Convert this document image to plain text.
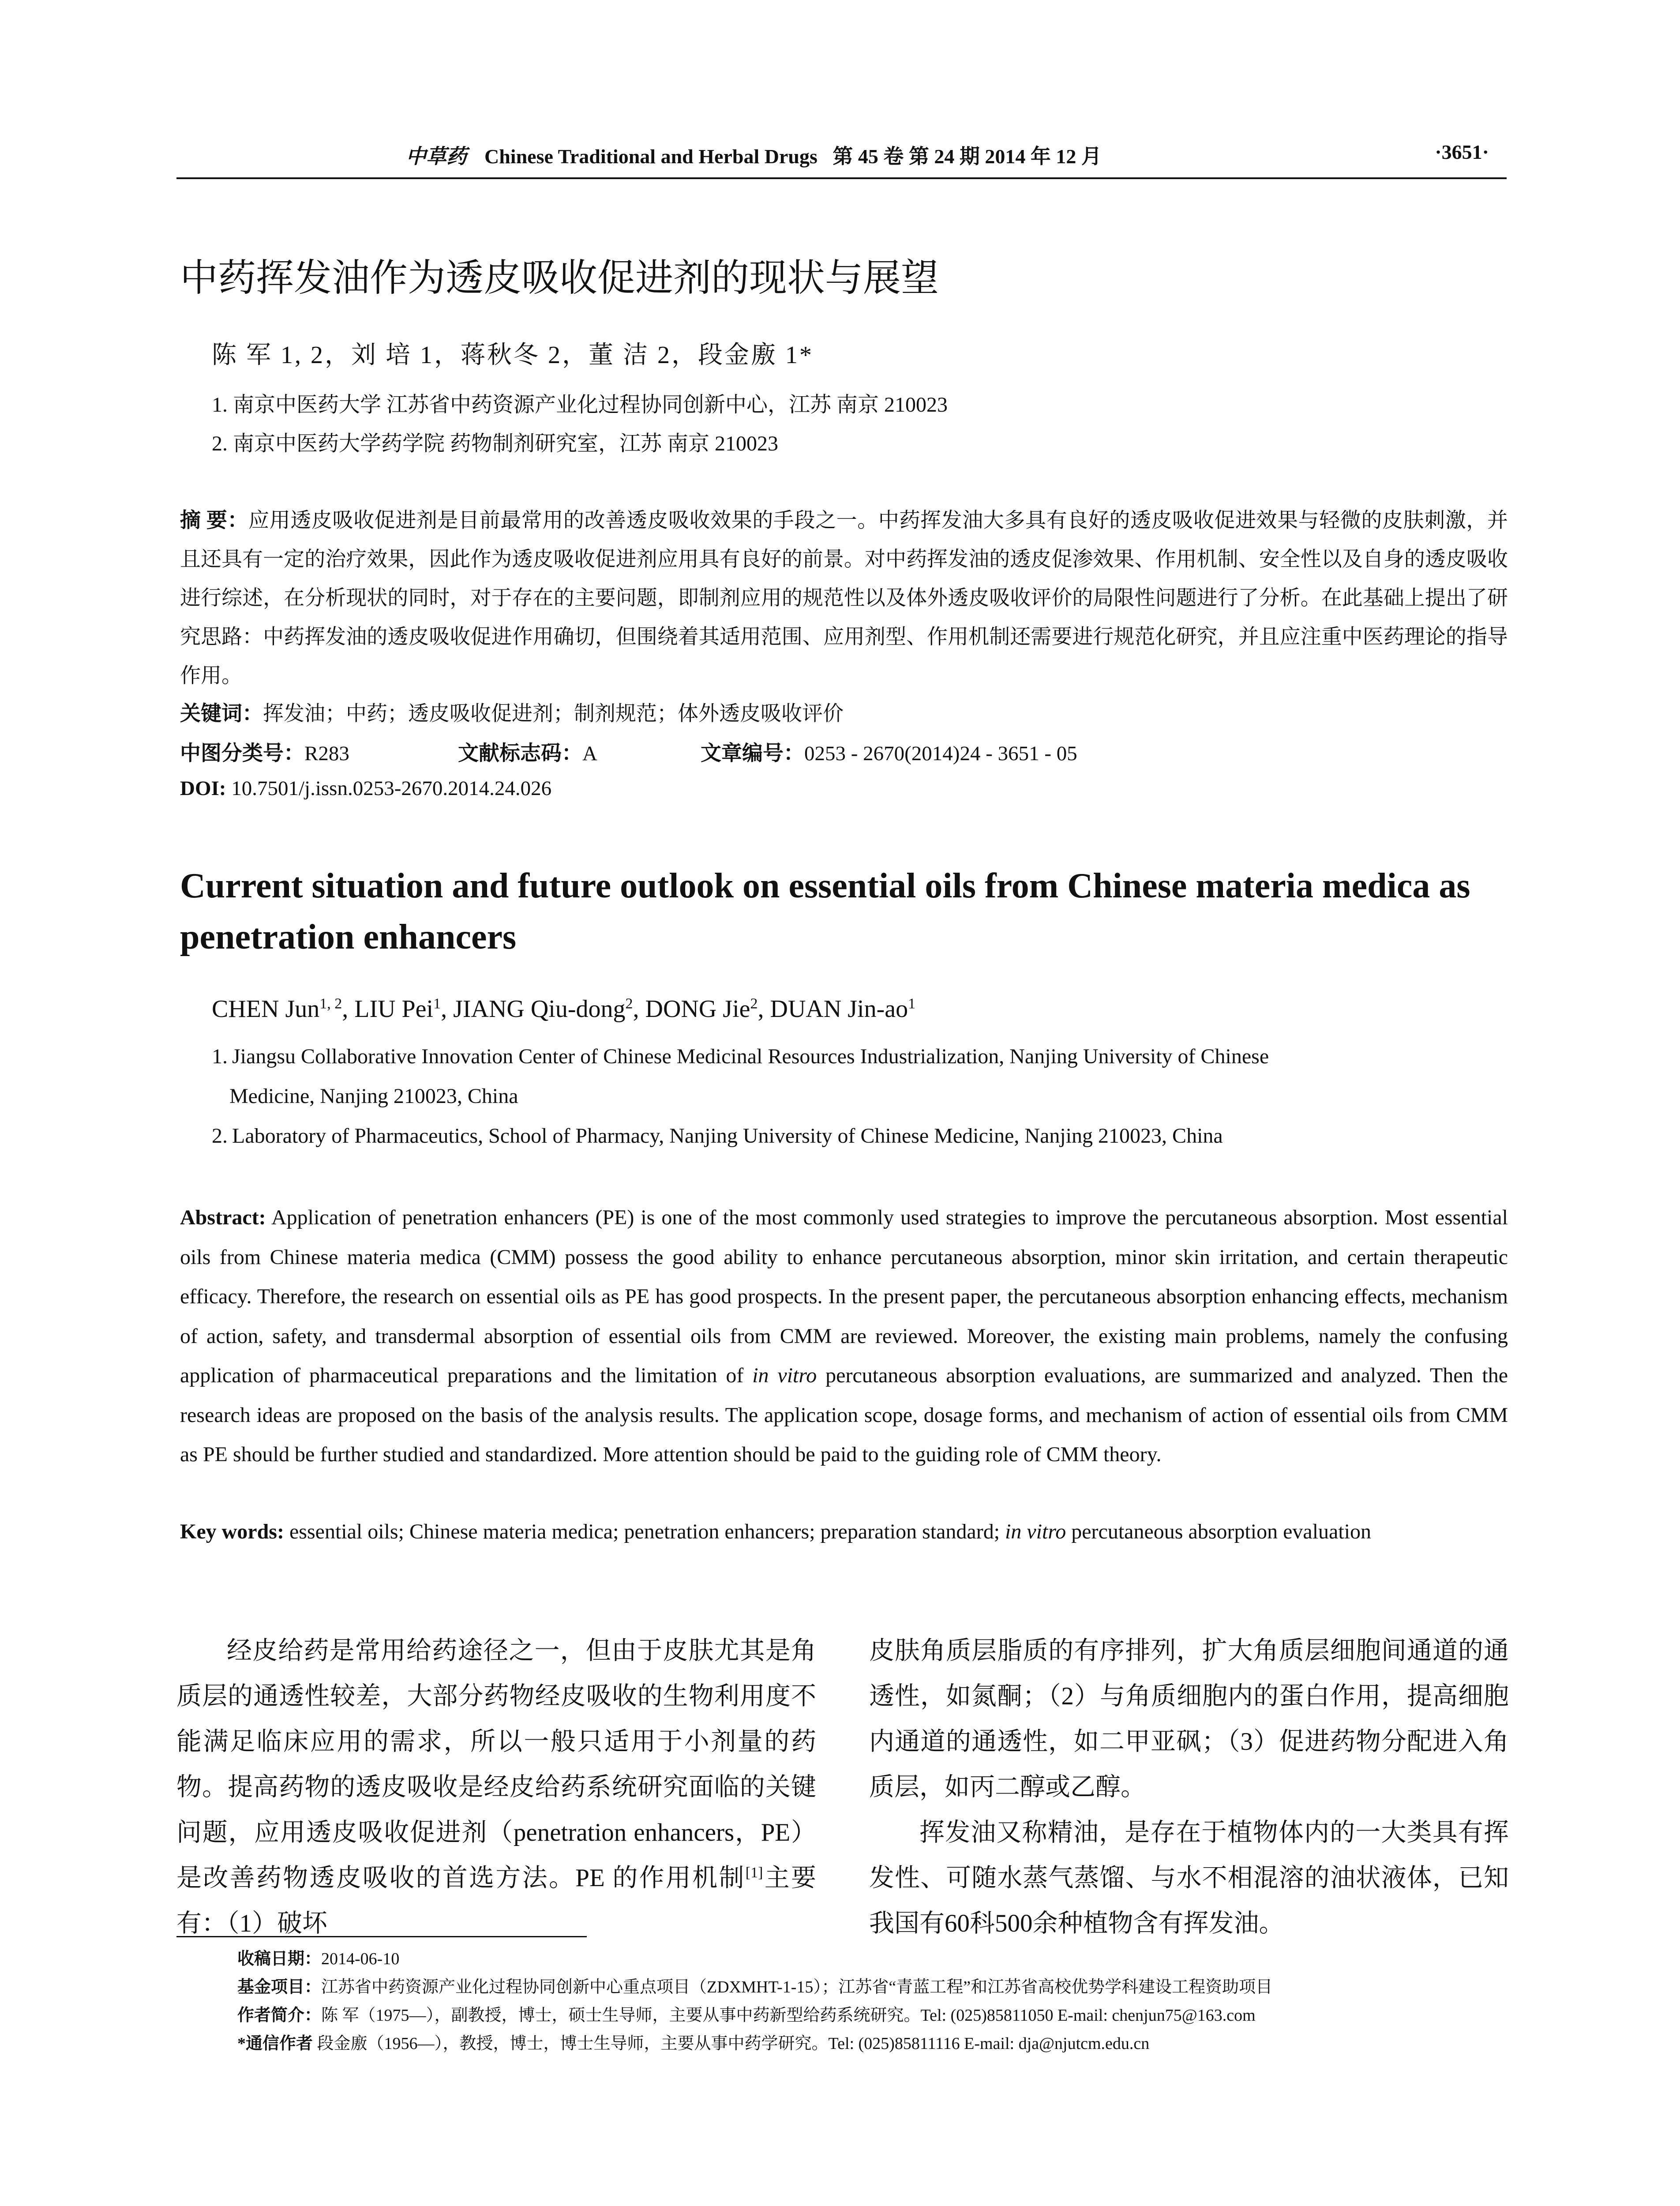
中草药 Chinese Traditional and Herbal Drugs 第 45 卷 第 24 期 2014 年 12 月	·3651·
中药挥发油作为透皮吸收促进剂的现状与展望
陈 军 1, 2，刘 培 1，蒋秋冬 2，董 洁 2，段金廒 1*
1. 南京中医药大学 江苏省中药资源产业化过程协同创新中心，江苏 南京 210023
2. 南京中医药大学药学院 药物制剂研究室，江苏 南京 210023
摘 要：应用透皮吸收促进剂是目前最常用的改善透皮吸收效果的手段之一。中药挥发油大多具有良好的透皮吸收促进效果与轻微的皮肤刺激，并且还具有一定的治疗效果，因此作为透皮吸收促进剂应用具有良好的前景。对中药挥发油的透皮促渗效果、作用机制、安全性以及自身的透皮吸收进行综述，在分析现状的同时，对于存在的主要问题，即制剂应用的规范性以及体外透皮吸收评价的局限性问题进行了分析。在此基础上提出了研究思路：中药挥发油的透皮吸收促进作用确切，但围绕着其适用范围、应用剂型、作用机制还需要进行规范化研究，并且应注重中医药理论的指导作用。
关键词：挥发油；中药；透皮吸收促进剂；制剂规范；体外透皮吸收评价
中图分类号：R283	文献标志码：A	文章编号：0253 - 2670(2014)24 - 3651 - 05
DOI: 10.7501/j.issn.0253-2670.2014.24.026
Current situation and future outlook on essential oils from Chinese materia medica as penetration enhancers
CHEN Jun$^{1, 2}$, LIU Pei$^1$, JIANG Qiu-dong$^2$, DONG Jie$^2$, DUAN Jin-$ao^1$
1. Jiangsu Collaborative Innovation Center of Chinese Medicinal Resources Industrialization, Nanjing University of Chinese
Medicine, Nanjing 210023, China
2. Laboratory of Pharmaceutics, School of Pharmacy, Nanjing University of Chinese Medicine, Nanjing 210023, China
Abstract: Application of penetration enhancers (PE) is one of the most commonly used strategies to improve the percutaneous absorption. Most essential oils from Chinese materia medica (CMM) possess the good ability to enhance percutaneous absorption, minor skin irritation, and certain therapeutic efficacy. Therefore, the research on essential oils as PE has good prospects. In the present paper, the percutaneous absorption enhancing effects, mechanism of action, safety, and transdermal absorption of essential oils from CMM are reviewed. Moreover, the existing main problems, namely the confusing application of pharmaceutical preparations and the limitation of in vitro percutaneous absorption evaluations, are summarized and analyzed. Then the research ideas are proposed on the basis of the analysis results. The application scope, dosage forms, and mechanism of action of essential oils from CMM as PE should be further studied and standardized. More attention should be paid to the guiding role of CMM theory.
Key words: essential oils; Chinese materia medica; penetration enhancers; preparation standard; in vitro percutaneous absorption evaluation

经皮给药是常用给药途径之一，但由于皮肤尤其是角质层的通透性较差，大部分药物经皮吸收的生物利用度不能满足临床应用的需求，所以一般只适用于小剂量的药物。提高药物的透皮吸收是经皮给药系统研究面临的关键问题，应用透皮吸收促进剂（penetration enhancers，PE）是改善药物透皮吸收的首选方法。PE 的作用机制[1]主要有：（1）破坏

皮肤角质层脂质的有序排列，扩大角质层细胞间通道的通透性，如氮酮；（2）与角质细胞内的蛋白作用，提高细胞内通道的通透性，如二甲亚砜；（3）促进药物分配进入角质层，如丙二醇或乙醇。

挥发油又称精油，是存在于植物体内的一大类具有挥发性、可随水蒸气蒸馏、与水不相混溶的油状液体，已知我国有60科500余种植物含有挥发油。

收稿日期：2014-06-10
基金项目：江苏省中药资源产业化过程协同创新中心重点项目（ZDXMHT-1-15）；江苏省“青蓝工程”和江苏省高校优势学科建设工程资助项目
作者简介：陈 军（1975—），副教授，博士，硕士生导师，主要从事中药新型给药系统研究。Tel: (025)85811050 E-mail: chenjun75@163.com
*通信作者 段金廒（1956—），教授，博士，博士生导师，主要从事中药学研究。Tel: (025)85811116 E-mail: dja@njutcm.edu.cn
